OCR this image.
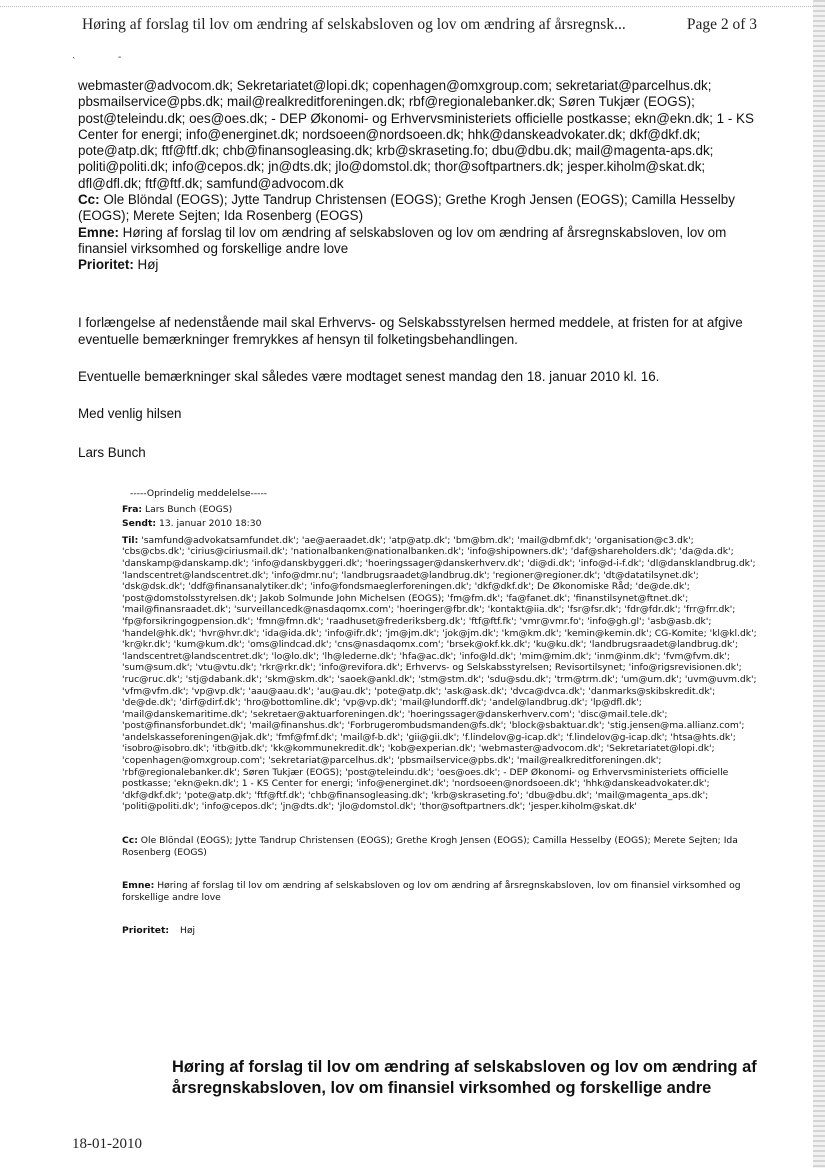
Høring af forslag til lov om ændring af selskabsloven og lov om ændring af årsregnsk...	Page 2 of 3
˴	-
webmaster@advocom.dk; Sekretariatet@lopi.dk; copenhagen@omxgroup.com; sekretariat@parcelhus.dk; pbsmailservice@pbs.dk; mail@realkreditforeningen.dk; rbf@regionalebanker.dk; Søren Tukjær (EOGS); post@teleindu.dk; oes@oes.dk; - DEP Økonomi- og Erhvervsministeriets officielle postkasse; ekn@ekn.dk; 1 - KS Center for energi; info@energinet.dk; nordsoeen@nordsoeen.dk; hhk@danskeadvokater.dk; dkf@dkf.dk; pote@atp.dk; ftf@ftf.dk; chb@finansogleasing.dk; krb@skraseting.fo; dbu@dbu.dk; mail@magenta-aps.dk; politi@politi.dk; info@cepos.dk; jn@dts.dk; jlo@domstol.dk; thor@softpartners.dk; jesper.kiholm@skat.dk; dfl@dfl.dk; ftf@ftf.dk; samfund@advocom.dk
Cc: Ole Blöndal (EOGS); Jytte Tandrup Christensen (EOGS); Grethe Krogh Jensen (EOGS); Camilla Hesselby (EOGS); Merete Sejten; Ida Rosenberg (EOGS)
Emne: Høring af forslag til lov om ændring af selskabsloven og lov om ændring af årsregnskabsloven, lov om finansiel virksomhed og forskellige andre love
Prioritet: Høj
I forlængelse af nedenstående mail skal Erhvervs- og Selskabsstyrelsen hermed meddele, at fristen for at afgive eventuelle bemærkninger fremrykkes af hensyn til folketingsbehandlingen.
Eventuelle bemærkninger skal således være modtaget senest mandag den 18. januar 2010 kl. 16.
Med venlig hilsen
Lars Bunch
-----Oprindelig meddelelse-----
Fra: Lars Bunch (EOGS)
Sendt: 13. januar 2010 18:30
Til: 'samfund@advokatsamfundet.dk'; 'ae@aeraadet.dk'; 'atp@atp.dk'; 'bm@bm.dk'; 'mail@dbmf.dk'; 'organisation@c3.dk'; 'cbs@cbs.dk'; 'cirius@ciriusmail.dk'; 'nationalbanken@nationalbanken.dk'; 'info@shipowners.dk'; 'daf@shareholders.dk'; 'da@da.dk'; 'danskamp@danskamp.dk'; 'info@danskbyggeri.dk'; 'hoeringssager@danskerhverv.dk'; 'di@di.dk'; 'info@d-i-f.dk'; 'dl@dansklandbrug.dk'; 'landscentret@landscentret.dk'; 'info@dmr.nu'; 'landbrugsraadet@landbrug.dk'; 'regioner@regioner.dk'; 'dt@datatilsynet.dk'; 'dsk@dsk.dk'; 'ddf@finansanalytiker.dk'; 'info@fondsmaeglerforeningen.dk'; 'dkf@dkf.dk'; De Økonomiske Råd; 'de@de.dk'; 'post@domstolsstyrelsen.dk'; Jakob Solmunde John Michelsen (EOGS); 'fm@fm.dk'; 'fa@fanet.dk'; 'finanstilsynet@ftnet.dk'; 'mail@finansraadet.dk'; 'surveillancedk@nasdaqomx.com'; 'hoeringer@fbr.dk'; 'kontakt@iia.dk'; 'fsr@fsr.dk'; 'fdr@fdr.dk'; 'frr@frr.dk'; 'fp@forsikringogpension.dk'; 'fmn@fmn.dk'; 'raadhuset@frederiksberg.dk'; 'ftf@ftf.fk'; 'vmr@vmr.fo'; 'info@gh.gl'; 'asb@asb.dk'; 'handel@hk.dk'; 'hvr@hvr.dk'; 'ida@ida.dk'; 'info@ifr.dk'; 'jm@jm.dk'; 'jok@jm.dk'; 'km@km.dk'; 'kemin@kemin.dk'; CG-Komite; 'kl@kl.dk'; 'kr@kr.dk'; 'kum@kum.dk'; 'oms@lindcad.dk'; 'cns@nasdaqomx.com'; 'brsek@okf.kk.dk'; 'ku@ku.dk'; 'landbrugsraadet@landbrug.dk'; 'landscentret@landscentret.dk'; 'lo@lo.dk'; 'lh@lederne.dk'; 'hfa@ac.dk'; 'info@ld.dk'; 'mim@mim.dk'; 'inm@inm.dk'; 'fvm@fvm.dk'; 'sum@sum.dk'; 'vtu@vtu.dk'; 'rkr@rkr.dk'; 'info@revifora.dk'; Erhvervs- og Selskabsstyrelsen; Revisortilsynet; 'info@rigsrevisionen.dk'; 'ruc@ruc.dk'; 'stj@dabank.dk'; 'skm@skm.dk'; 'saoek@ankl.dk'; 'stm@stm.dk'; 'sdu@sdu.dk'; 'trm@trm.dk'; 'um@um.dk'; 'uvm@uvm.dk'; 'vfm@vfm.dk'; 'vp@vp.dk'; 'aau@aau.dk'; 'au@au.dk'; 'pote@atp.dk'; 'ask@ask.dk'; 'dvca@dvca.dk'; 'danmarks@skibskredit.dk'; 'de@de.dk'; 'dirf@dirf.dk'; 'hro@bottomline.dk'; 'vp@vp.dk'; 'mail@lundorff.dk'; 'andel@landbrug.dk'; 'lp@dfl.dk'; 'mail@danskemaritime.dk'; 'sekretaer@aktuarforeningen.dk'; 'hoeringssager@danskerhverv.com'; 'disc@mail.tele.dk'; 'post@finansforbundet.dk'; 'mail@finanshus.dk'; 'Forbrugerombudsmanden@fs.dk'; 'block@sbaktuar.dk'; 'stig.jensen@ma.allianz.com'; 'andelskasseforeningen@jak.dk'; 'fmf@fmf.dk'; 'mail@f-b.dk'; 'gii@gii.dk'; 'f.lindelov@g-icap.dk'; 'f.lindelov@g-icap.dk'; 'htsa@hts.dk'; 'isobro@isobro.dk'; 'itb@itb.dk'; 'kk@kommunekredit.dk'; 'kob@experian.dk'; 'webmaster@advocom.dk'; 'Sekretariatet@lopi.dk'; 'copenhagen@omxgroup.com'; 'sekretariat@parcelhus.dk'; 'pbsmailservice@pbs.dk'; 'mail@realkreditforeningen.dk'; 'rbf@regionalebanker.dk'; Søren Tukjær (EOGS); 'post@teleindu.dk'; 'oes@oes.dk'; - DEP Økonomi- og Erhvervsministeriets officielle postkasse; 'ekn@ekn.dk'; 1 - KS Center for energi; 'info@energinet.dk'; 'nordsoeen@nordsoeen.dk'; 'hhk@danskeadvokater.dk'; 'dkf@dkf.dk'; 'pote@atp.dk'; 'ftf@ftf.dk'; 'chb@finansogleasing.dk'; 'krb@skraseting.fo'; 'dbu@dbu.dk'; 'mail@magenta_aps.dk'; 'politi@politi.dk'; 'info@cepos.dk'; 'jn@dts.dk'; 'jlo@domstol.dk'; 'thor@softpartners.dk'; 'jesper.kiholm@skat.dk'
Cc: Ole Blöndal (EOGS); Jytte Tandrup Christensen (EOGS); Grethe Krogh Jensen (EOGS); Camilla Hesselby (EOGS); Merete Sejten; Ida Rosenberg (EOGS)
Emne: Høring af forslag til lov om ændring af selskabsloven og lov om ændring af årsregnskabsloven, lov om finansiel virksomhed og forskellige andre love
Prioritet: Høj
Høring af forslag til lov om ændring af selskabsloven og lov om ændring af årsregnskabsloven, lov om finansiel virksomhed og forskellige andre
18-01-2010
